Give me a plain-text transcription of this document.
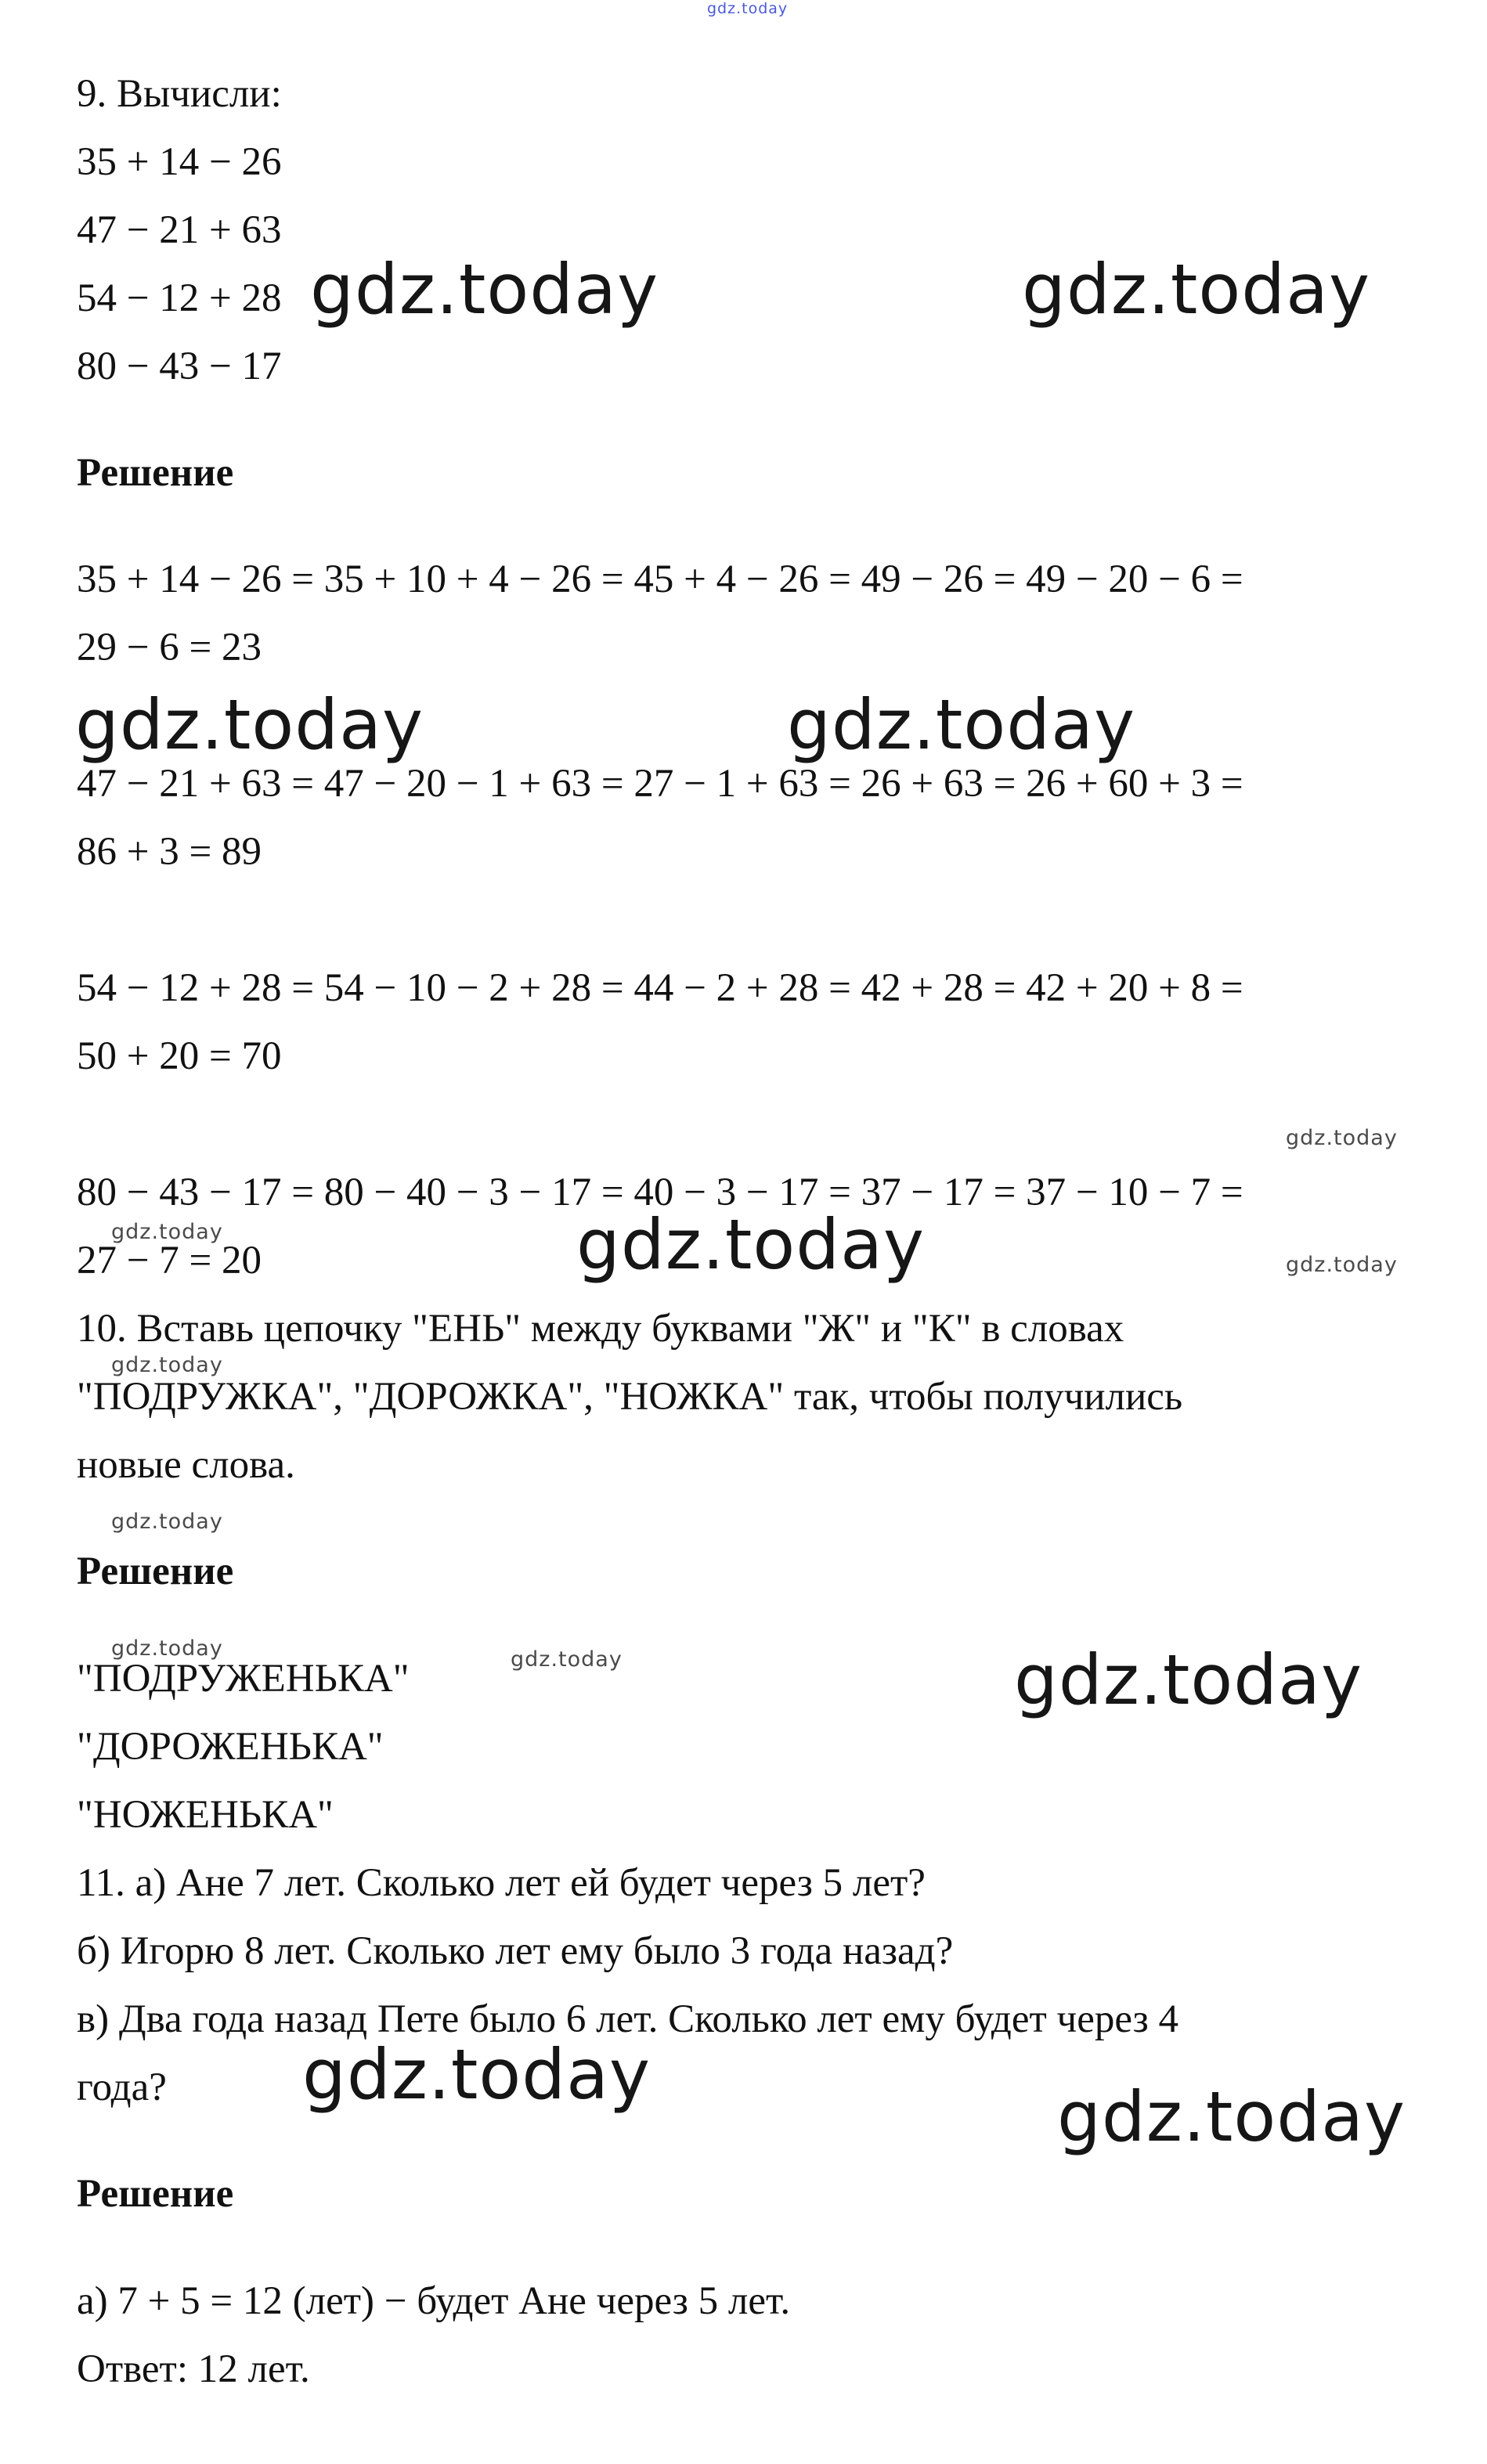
gdz.today
9. Вычисли:
35 + 14 − 26
47 − 21 + 63
54 − 12 + 28
80 − 43 − 17
gdz.today	gdz.today
Решение
35 + 14 − 26 = 35 + 10 + 4 − 26 = 45 + 4 − 26 = 49 − 26 = 49 − 20 − 6 =
29 − 6 = 23
gdz.today	gdz.today
47 − 21 + 63 = 47 − 20 − 1 + 63 = 27 − 1 + 63 = 26 + 63 = 26 + 60 + 3 =
86 + 3 = 89
54 − 12 + 28 = 54 − 10 − 2 + 28 = 44 − 2 + 28 = 42 + 28 = 42 + 20 + 8 =
50 + 20 = 70
gdz.today
80 − 43 − 17 = 80 − 40 − 3 − 17 = 40 − 3 − 17 = 37 − 17 = 37 − 10 − 7 =
gdz.today
27 − 7 = 20	gdz.today	gdz.today
10. Вставь цепочку "ЕНЬ" между буквами "Ж" и "К" в словах
gdz.today
"ПОДРУЖКА", "ДОРОЖКА", "НОЖКА" так, чтобы получились
новые слова.
gdz.today
Решение
gdz.today	gdz.today	gdz.today
"ПОДРУЖЕНЬКА"
"ДОРОЖЕНЬКА"
"НОЖЕНЬКА"
11. а) Ане 7 лет. Сколько лет ей будет через 5 лет?
б) Игорю 8 лет. Сколько лет ему было 3 года назад?
в) Два года назад Пете было 6 лет. Сколько лет ему будет через 4
года? gdz.today
gdz.today
Решение
а) 7 + 5 = 12 (лет) − будет Ане через 5 лет.
Ответ: 12 лет.
